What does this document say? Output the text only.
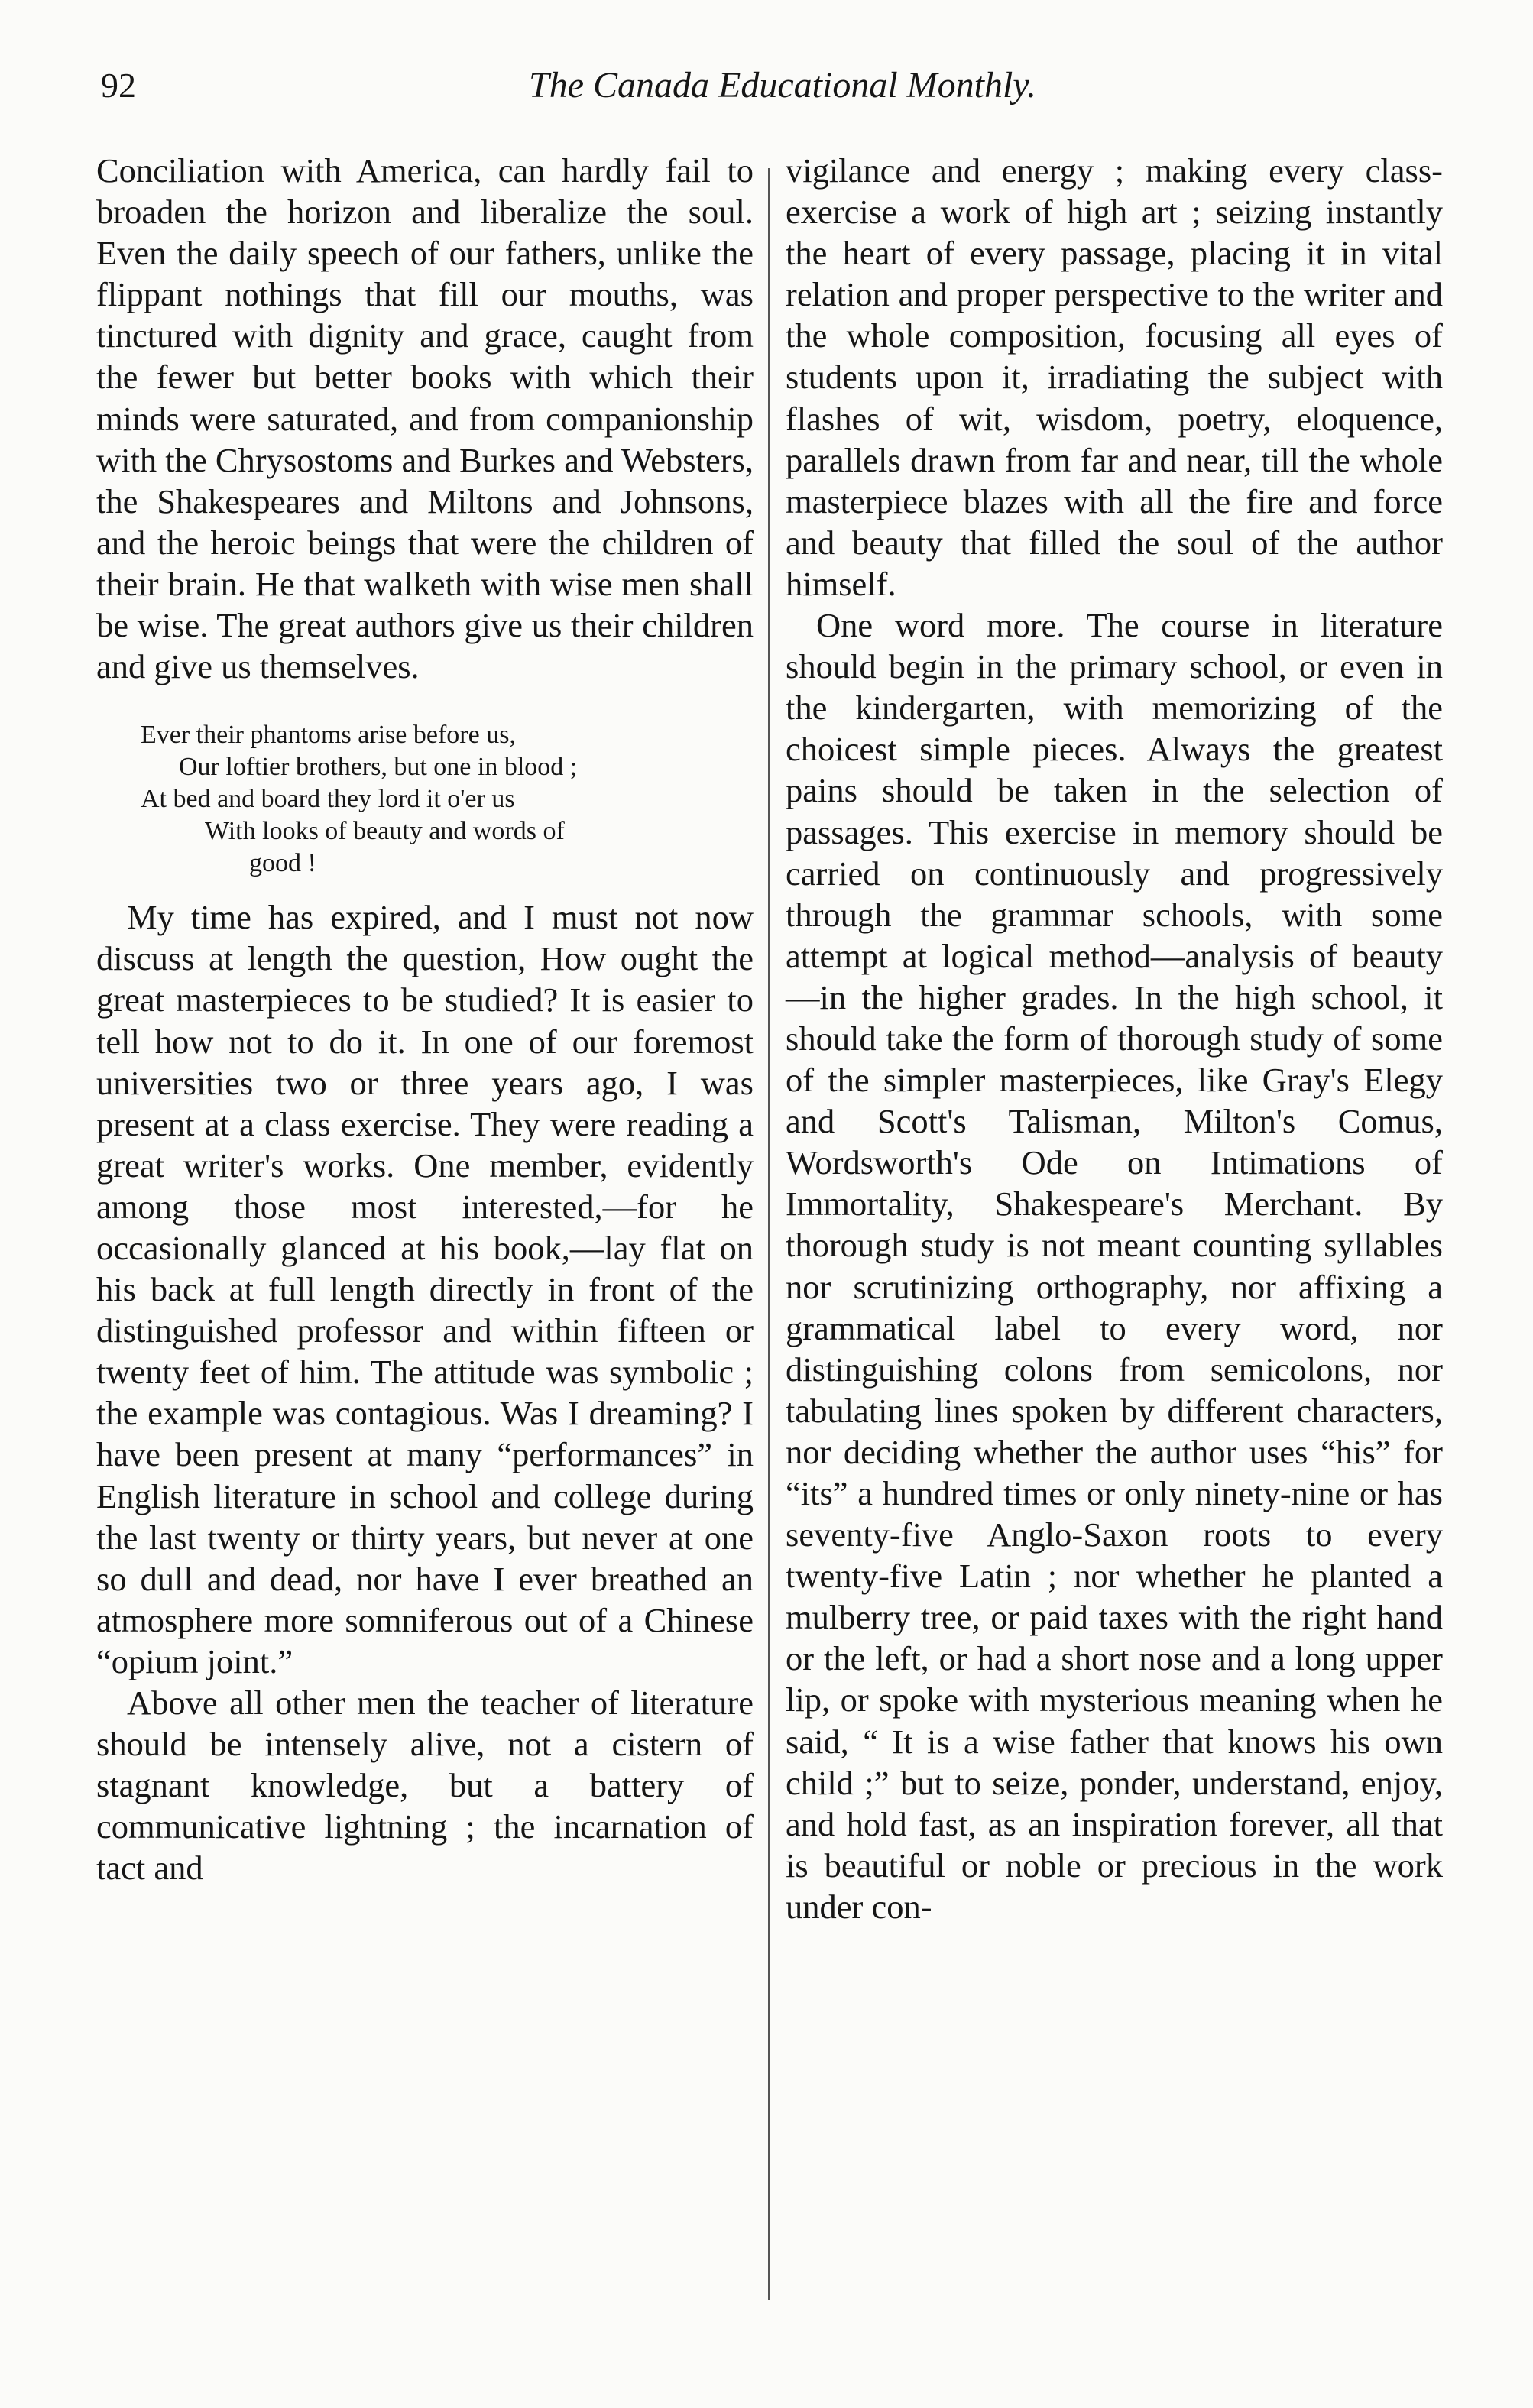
92	The Canada Educational Monthly.

Conciliation with America, can hardly fail to broaden the horizon and liberalize the soul. Even the daily speech of our fathers, unlike the flippant nothings that fill our mouths, was tinctured with dignity and grace, caught from the fewer but better books with which their minds were saturated, and from companionship with the Chrysostoms and Burkes and Websters, the Shakespeares and Miltons and Johnsons, and the heroic beings that were the children of their brain. He that walketh with wise men shall be wise. The great authors give us their children and give us themselves.

Ever their phantoms arise before us,
Our loftier brothers, but one in blood ;
At bed and board they lord it o'er us
With looks of beauty and words of
good !

My time has expired, and I must not now discuss at length the question, How ought the great masterpieces to be studied? It is easier to tell how not to do it. In one of our foremost universities two or three years ago, I was present at a class exercise. They were reading a great writer's works. One member, evidently among those most interested,—for he occasionally glanced at his book,—lay flat on his back at full length directly in front of the distinguished professor and within fifteen or twenty feet of him. The attitude was symbolic ; the example was contagious. Was I dreaming? I have been present at many “performances” in English literature in school and college during the last twenty or thirty years, but never at one so dull and dead, nor have I ever breathed an atmosphere more somniferous out of a Chinese “opium joint.”

Above all other men the teacher of literature should be intensely alive, not a cistern of stagnant knowledge, but a battery of communicative lightning ; the incarnation of tact and

vigilance and energy ; making every class-exercise a work of high art ; seizing instantly the heart of every passage, placing it in vital relation and proper perspective to the writer and the whole composition, focusing all eyes of students upon it, irradiating the subject with flashes of wit, wisdom, poetry, eloquence, parallels drawn from far and near, till the whole masterpiece blazes with all the fire and force and beauty that filled the soul of the author himself.

One word more. The course in literature should begin in the primary school, or even in the kindergarten, with memorizing of the choicest simple pieces. Always the greatest pains should be taken in the selection of passages. This exercise in memory should be carried on continuously and progressively through the grammar schools, with some attempt at logical method—analysis of beauty—in the higher grades. In the high school, it should take the form of thorough study of some of the simpler masterpieces, like Gray's Elegy and Scott's Talisman, Milton's Comus, Wordsworth's Ode on Intimations of Immortality, Shakespeare's Merchant. By thorough study is not meant counting syllables nor scrutinizing orthography, nor affixing a grammatical label to every word, nor distinguishing colons from semicolons, nor tabulating lines spoken by different characters, nor deciding whether the author uses “his” for “its” a hundred times or only ninety-nine or has seventy-five Anglo-Saxon roots to every twenty-five Latin ; nor whether he planted a mulberry tree, or paid taxes with the right hand or the left, or had a short nose and a long upper lip, or spoke with mysterious meaning when he said, “ It is a wise father that knows his own child ;” but to seize, ponder, understand, enjoy, and hold fast, as an inspiration forever, all that is beautiful or noble or precious in the work under con-
